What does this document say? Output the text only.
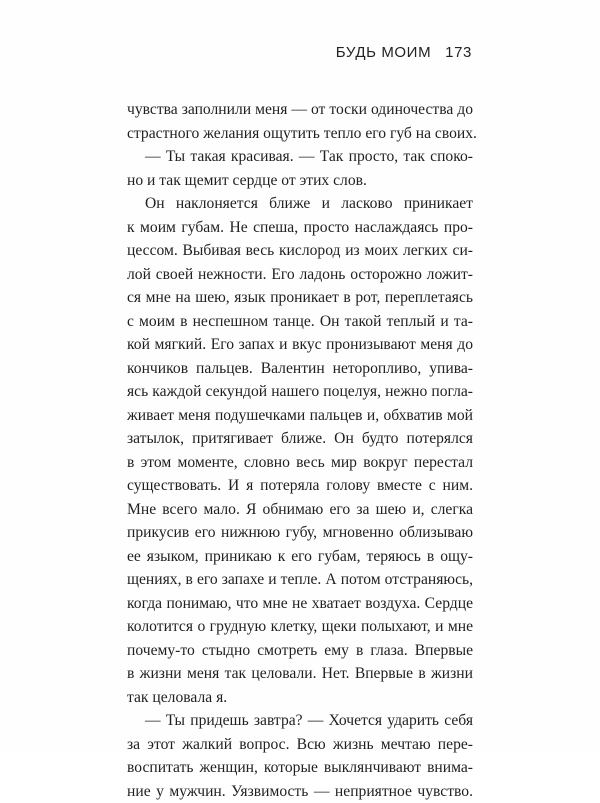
БУДЬ МОИМ 173
чувства заполнили меня — от тоски одиночества до
страстного желания ощутить тепло его губ на своих.
— Ты такая красивая. — Так просто, так споко-
но и так щемит сердце от этих слов.
Он наклоняется ближе и ласково приникает
к моим губам. Не спеша, просто наслаждаясь про-
цессом. Выбивая весь кислород из моих легких си-
лой своей нежности. Его ладонь осторожно ложит-
ся мне на шею, язык проникает в рот, переплетаясь
с моим в неспешном танце. Он такой теплый и та-
кой мягкий. Его запах и вкус пронизывают меня до
кончиков пальцев. Валентин неторопливо, упива-
ясь каждой секундой нашего поцелуя, нежно погла-
живает меня подушечками пальцев и, обхватив мой
затылок, притягивает ближе. Он будто потерялся
в этом моменте, словно весь мир вокруг перестал
существовать. И я потеряла голову вместе с ним.
Мне всего мало. Я обнимаю его за шею и, слегка
прикусив его нижнюю губу, мгновенно облизываю
ее языком, приникаю к его губам, теряюсь в ощу-
щениях, в его запахе и тепле. А потом отстраняюсь,
когда понимаю, что мне не хватает воздуха. Сердце
колотится о грудную клетку, щеки полыхают, и мне
почему-то стыдно смотреть ему в глаза. Впервые
в жизни меня так целовали. Нет. Впервые в жизни
так целовала я.
— Ты придешь завтра? — Хочется ударить себя
за этот жалкий вопрос. Всю жизнь мечтаю пере-
воспитать женщин, которые выклянчивают внима-
ние у мужчин. Уязвимость — неприятное чувство.
